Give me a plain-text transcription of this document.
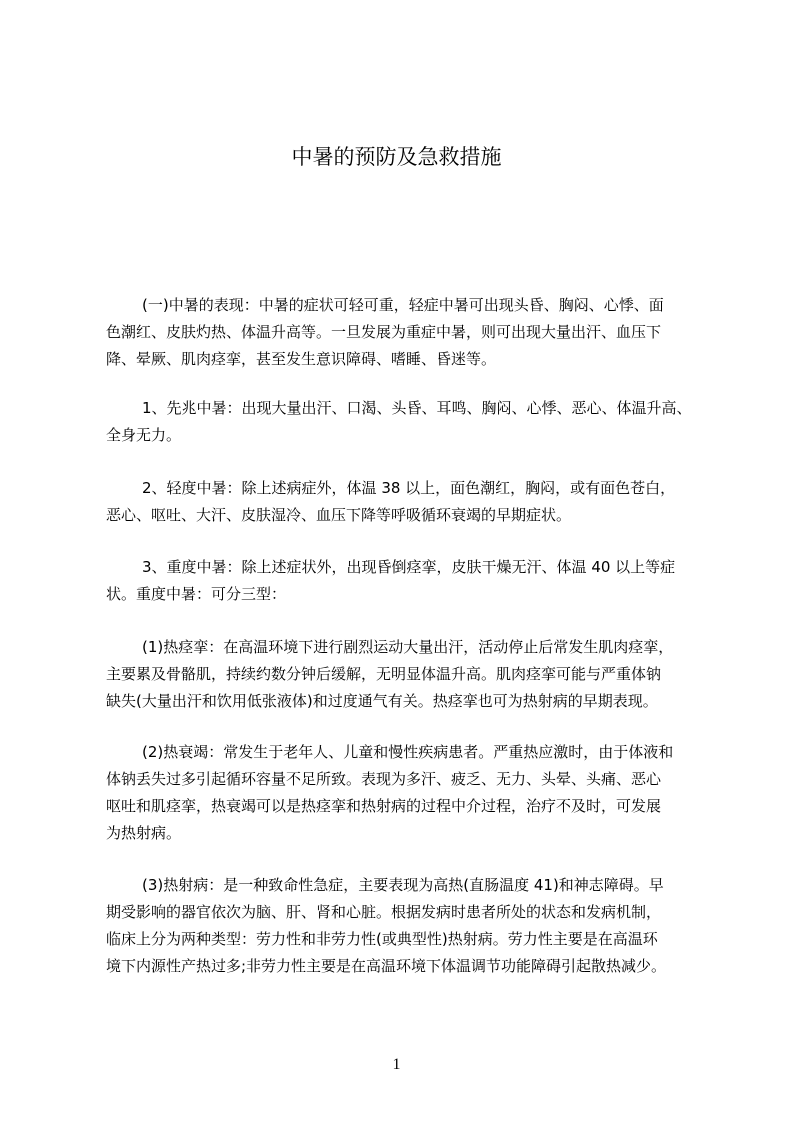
中暑的预防及急救措施
(一)中暑的表现：中暑的症状可轻可重，轻症中暑可出现头昏、胸闷、心悸、面
色潮红、皮肤灼热、体温升高等。一旦发展为重症中暑，则可出现大量出汗、血压下
降、晕厥、肌肉痉挛，甚至发生意识障碍、嗜睡、昏迷等。
1、先兆中暑：出现大量出汗、口渴、头昏、耳鸣、胸闷、心悸、恶心、体温升高、
全身无力。
2、轻度中暑：除上述病症外，体温 38 以上，面色潮红，胸闷，或有面色苍白，
恶心、呕吐、大汗、皮肤湿冷、血压下降等呼吸循环衰竭的早期症状。
3、重度中暑：除上述症状外，出现昏倒痉挛，皮肤干燥无汗、体温 40 以上等症
状。重度中暑：可分三型：
(1)热痉挛：在高温环境下进行剧烈运动大量出汗，活动停止后常发生肌肉痉挛，
主要累及骨骼肌，持续约数分钟后缓解，无明显体温升高。肌肉痉挛可能与严重体钠
缺失(大量出汗和饮用低张液体)和过度通气有关。热痉挛也可为热射病的早期表现。
(2)热衰竭：常发生于老年人、儿童和慢性疾病患者。严重热应激时，由于体液和
体钠丢失过多引起循环容量不足所致。表现为多汗、疲乏、无力、头晕、头痛、恶心
呕吐和肌痉挛，热衰竭可以是热痉挛和热射病的过程中介过程，治疗不及时，可发展
为热射病。
(3)热射病：是一种致命性急症，主要表现为高热(直肠温度 41)和神志障碍。早
期受影响的器官依次为脑、肝、肾和心脏。根据发病时患者所处的状态和发病机制，
临床上分为两种类型：劳力性和非劳力性(或典型性)热射病。劳力性主要是在高温环
境下内源性产热过多;非劳力性主要是在高温环境下体温调节功能障碍引起散热减少。
1
